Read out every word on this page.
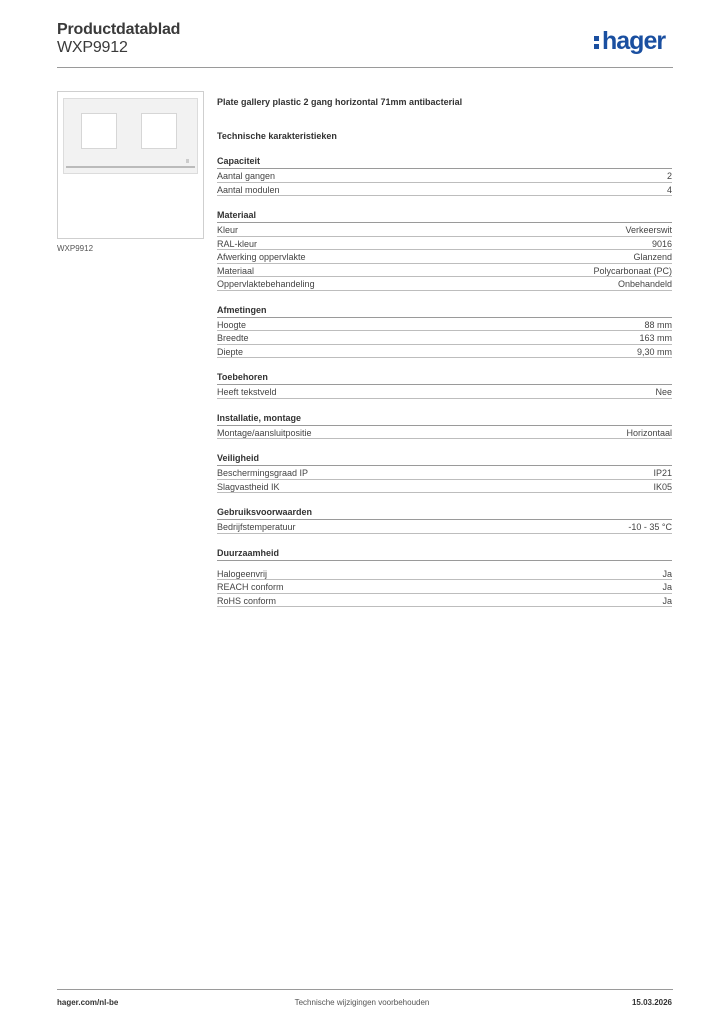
Productdatablad
WXP9912	hager
WXP9912
Plate gallery plastic 2 gang horizontal 71mm antibacterial
Technische karakteristieken
Capaciteit
Aantal gangen	2
Aantal modulen	4
Materiaal
Kleur	Verkeerswit
RAL-kleur	9016
Afwerking oppervlakte	Glanzend
Materiaal	Polycarbonaat (PC)
Oppervlaktebehandeling	Onbehandeld
Afmetingen
Hoogte	88 mm
Breedte	163 mm
Diepte	9,30 mm
Toebehoren
Heeft tekstveld	Nee
Installatie, montage
Montage/aansluitpositie	Horizontaal
Veiligheid
Beschermingsgraad IP	IP21
Slagvastheid IK	IK05
Gebruiksvoorwaarden
Bedrijfstemperatuur	-10 - 35 °C
Duurzaamheid
Halogeenvrij	Ja
REACH conform	Ja
RoHS conform	Ja
hager.com/nl-be	Technische wijzigingen voorbehouden	15.03.2026
